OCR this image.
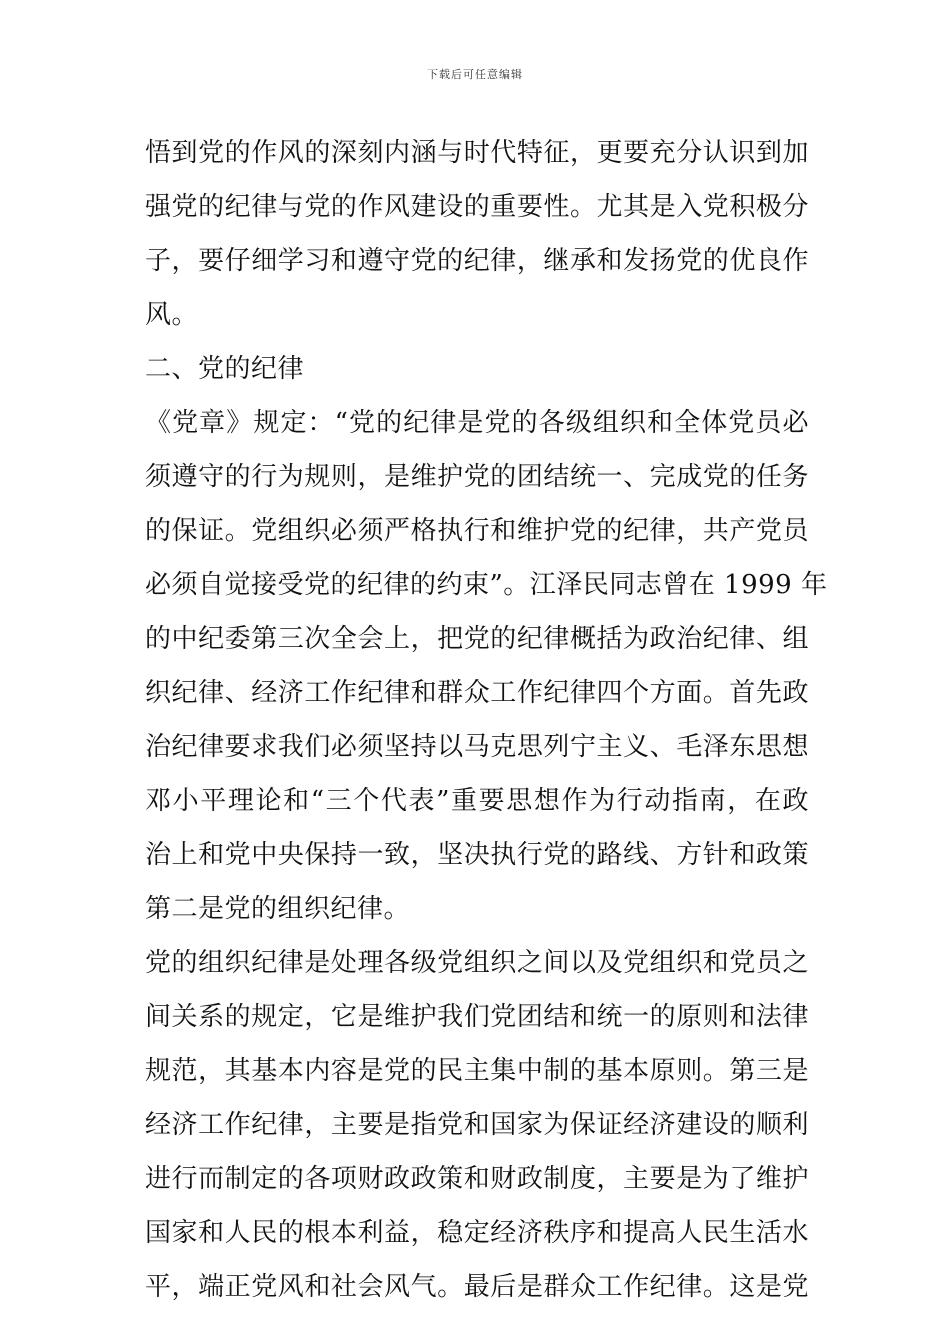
下载后可任意编辑
悟到党的作风的深刻内涵与时代特征，更要充分认识到加
强党的纪律与党的作风建设的重要性。尤其是入党积极分
子，要仔细学习和遵守党的纪律，继承和发扬党的优良作
风。
二、党的纪律
《党章》规定：“党的纪律是党的各级组织和全体党员必
须遵守的行为规则，是维护党的团结统一、完成党的任务
的保证。党组织必须严格执行和维护党的纪律，共产党员
必须自觉接受党的纪律的约束”。江泽民同志曾在 1999 年
的中纪委第三次全会上，把党的纪律概括为政治纪律、组
织纪律、经济工作纪律和群众工作纪律四个方面。首先政
治纪律要求我们必须坚持以马克思列宁主义、毛泽东思想
邓小平理论和“三个代表”重要思想作为行动指南，在政
治上和党中央保持一致，坚决执行党的路线、方针和政策
第二是党的组织纪律。
党的组织纪律是处理各级党组织之间以及党组织和党员之
间关系的规定，它是维护我们党团结和统一的原则和法律
规范，其基本内容是党的民主集中制的基本原则。第三是
经济工作纪律，主要是指党和国家为保证经济建设的顺利
进行而制定的各项财政政策和财政制度，主要是为了维护
国家和人民的根本利益，稳定经济秩序和提高人民生活水
平，端正党风和社会风气。最后是群众工作纪律。这是党
